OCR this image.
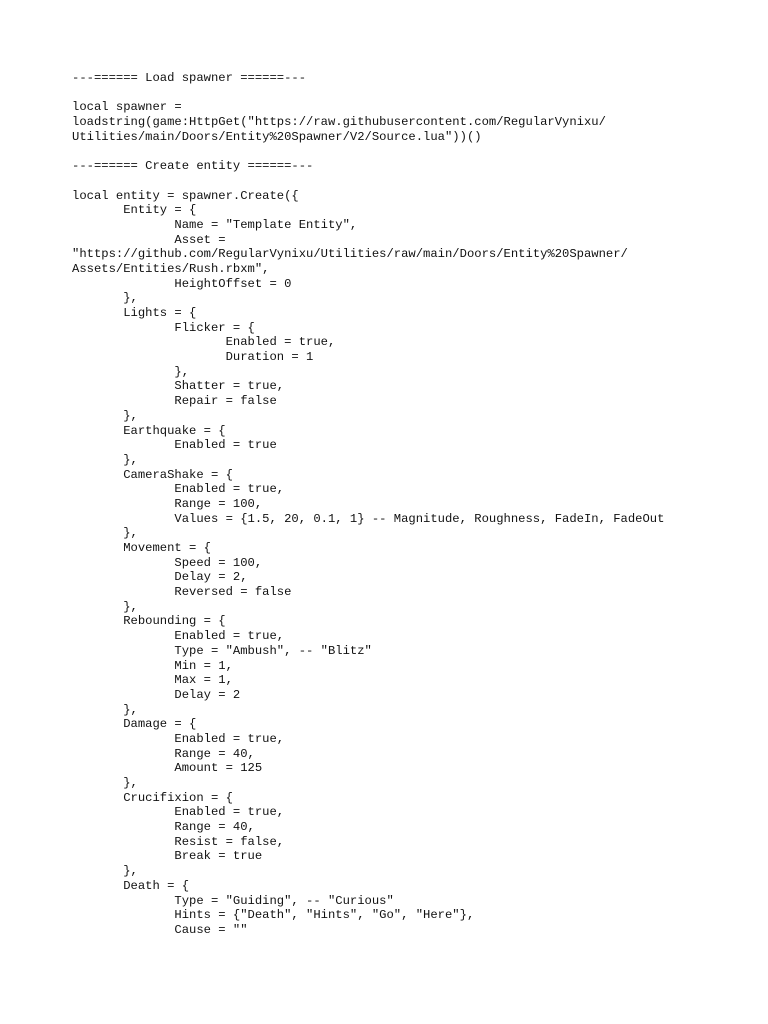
---====== Load spawner ======---
local spawner =
loadstring(game:HttpGet("https://raw.githubusercontent.com/RegularVynixu/
Utilities/main/Doors/Entity%20Spawner/V2/Source.lua"))()
---====== Create entity ======---
local entity = spawner.Create({
Entity = {
Name = "Template Entity",
Asset =
"https://github.com/RegularVynixu/Utilities/raw/main/Doors/Entity%20Spawner/
Assets/Entities/Rush.rbxm",
HeightOffset = 0
},
Lights = {
Flicker = {
Enabled = true,
Duration = 1
},
Shatter = true,
Repair = false
},
Earthquake = {
Enabled = true
},
CameraShake = {
Enabled = true,
Range = 100,
Values = {1.5, 20, 0.1, 1} -- Magnitude, Roughness, FadeIn, FadeOut
},
Movement = {
Speed = 100,
Delay = 2,
Reversed = false
},
Rebounding = {
Enabled = true,
Type = "Ambush", -- "Blitz"
Min = 1,
Max = 1,
Delay = 2
},
Damage = {
Enabled = true,
Range = 40,
Amount = 125
},
Crucifixion = {
Enabled = true,
Range = 40,
Resist = false,
Break = true
},
Death = {
Type = "Guiding", -- "Curious"
Hints = {"Death", "Hints", "Go", "Here"},
Cause = ""
